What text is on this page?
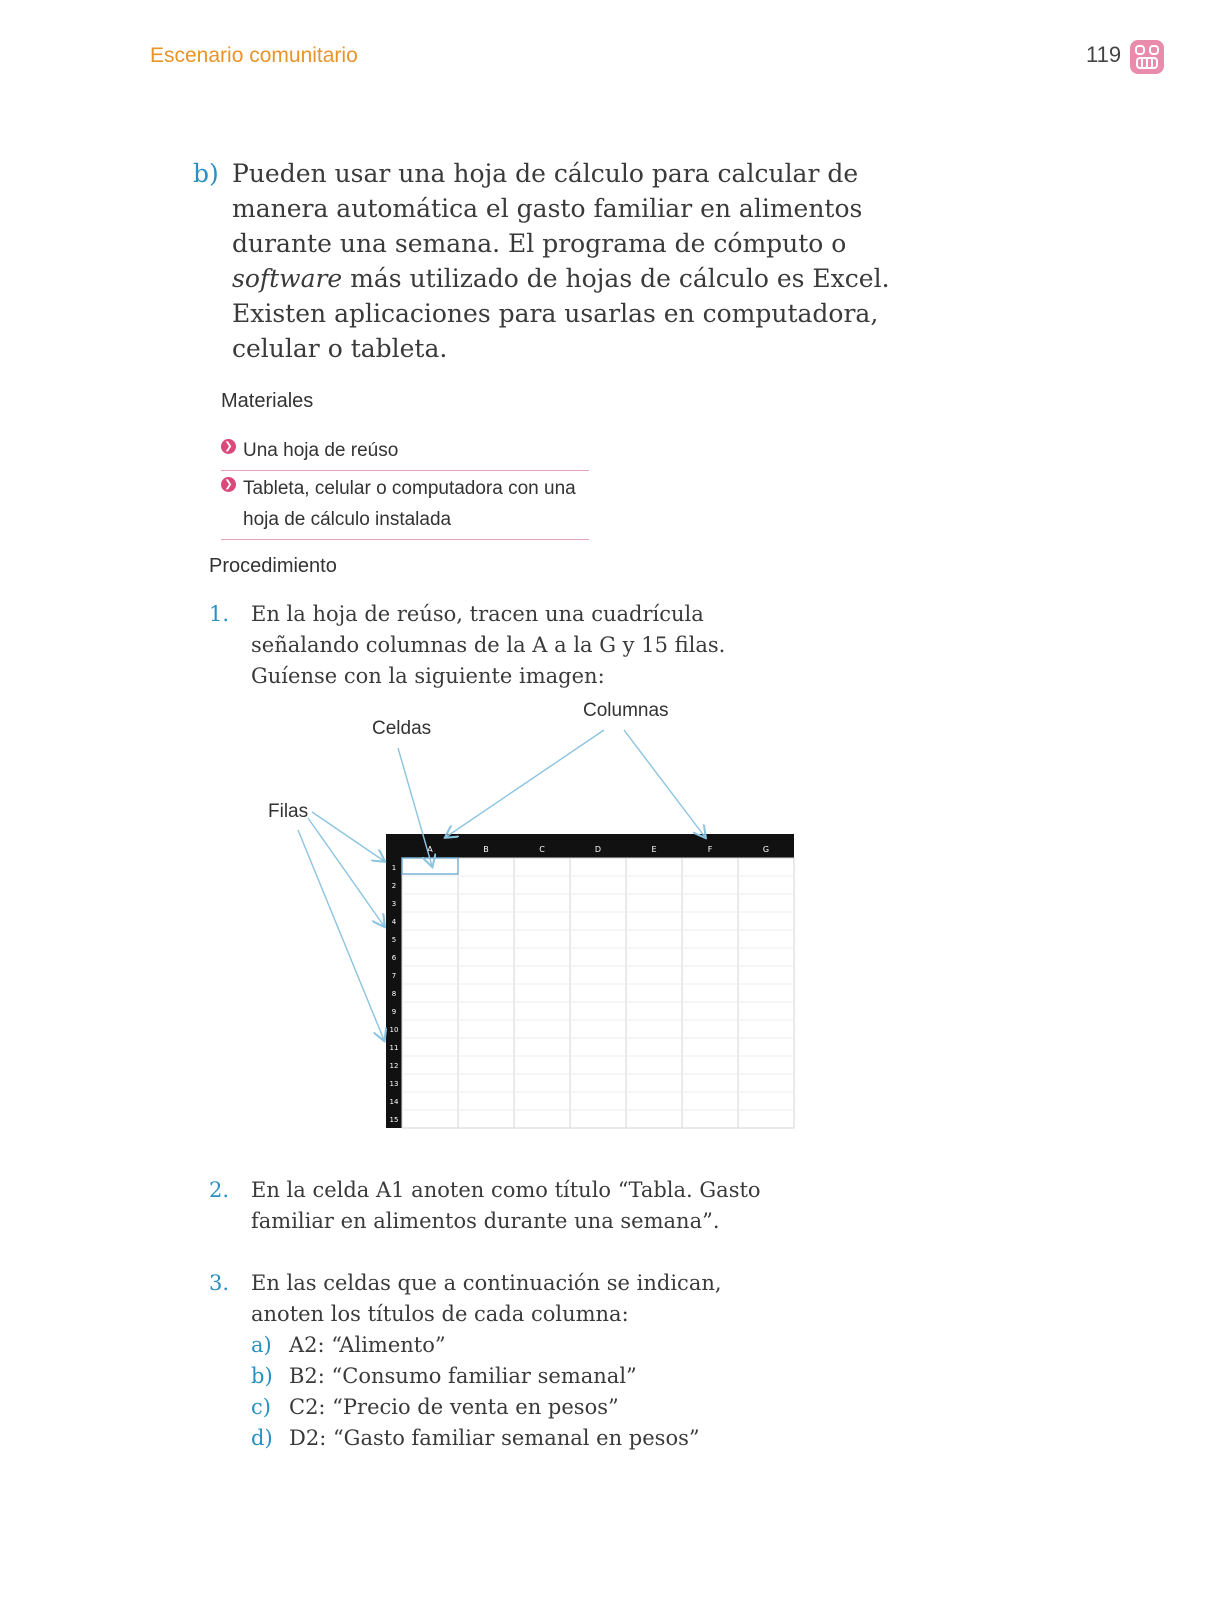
Escenario comunitario	119
b) Pueden usar una hoja de cálculo para calcular de
manera automática el gasto familiar en alimentos
durante una semana. El programa de cómputo o
software más utilizado de hojas de cálculo es Excel.
Existen aplicaciones para usarlas en computadora,
celular o tableta.
Materiales
❯ Una hoja de reúso
❯ Tableta, celular o computadora con una
hoja de cálculo instalada
Procedimiento
1. En la hoja de reúso, tracen una cuadrícula
señalando columnas de la A a la G y 15 filas.
Guíense con la siguiente imagen:
Celdas
Columnas
Filas
A	B	C	D	E	F	G
1
2
3
4
5
6
7
8
9
10
11
12
13
14
15
2. En la celda A1 anoten como título “Tabla. Gasto
familiar en alimentos durante una semana”.
3. En las celdas que a continuación se indican,
anoten los títulos de cada columna:
a) A2: “Alimento”
b) B2: “Consumo familiar semanal”
c) C2: “Precio de venta en pesos”
d) D2: “Gasto familiar semanal en pesos”
